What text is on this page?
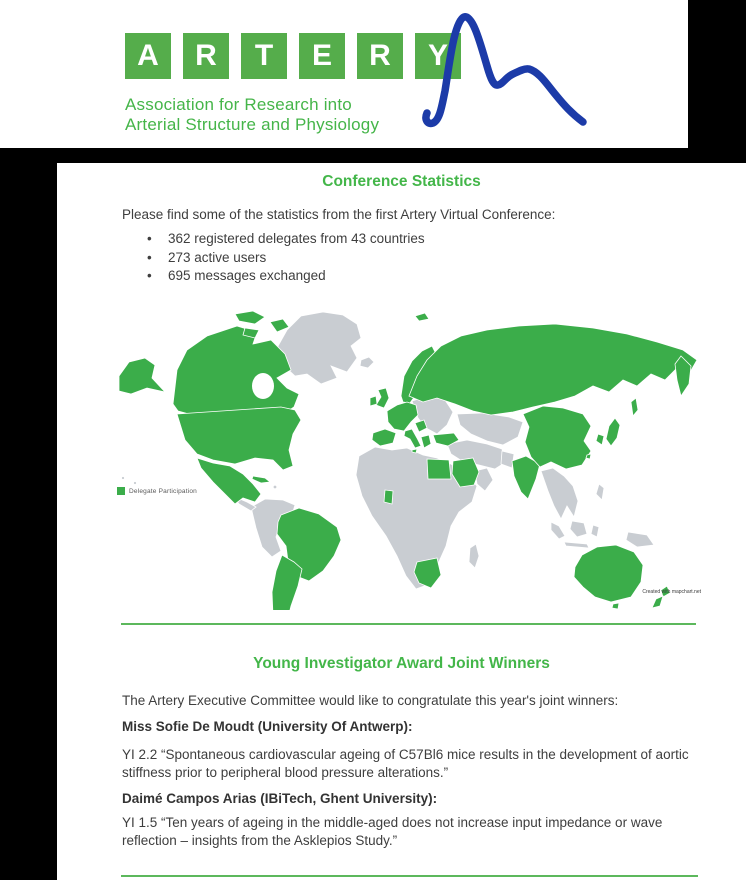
A R T E R Y
Association for Research into
Arterial Structure and Physiology
Conference Statistics

Please find some of the statistics from the first Artery Virtual Conference:

• 362 registered delegates from 43 countries
• 273 active users
• 695 messages exchanged
Delegate Participation
Created with mapchart.net
Young Investigator Award Joint Winners

The Artery Executive Committee would like to congratulate this year's joint winners:

Miss Sofie De Moudt (University Of Antwerp):

YI 2.2 “Spontaneous cardiovascular ageing of C57Bl6 mice results in the development of aortic stiffness prior to peripheral blood pressure alterations.”

Daimé Campos Arias (IBiTech, Ghent University):

YI 1.5 “Ten years of ageing in the middle-aged does not increase input impedance or wave reflection – insights from the Asklepios Study.”
